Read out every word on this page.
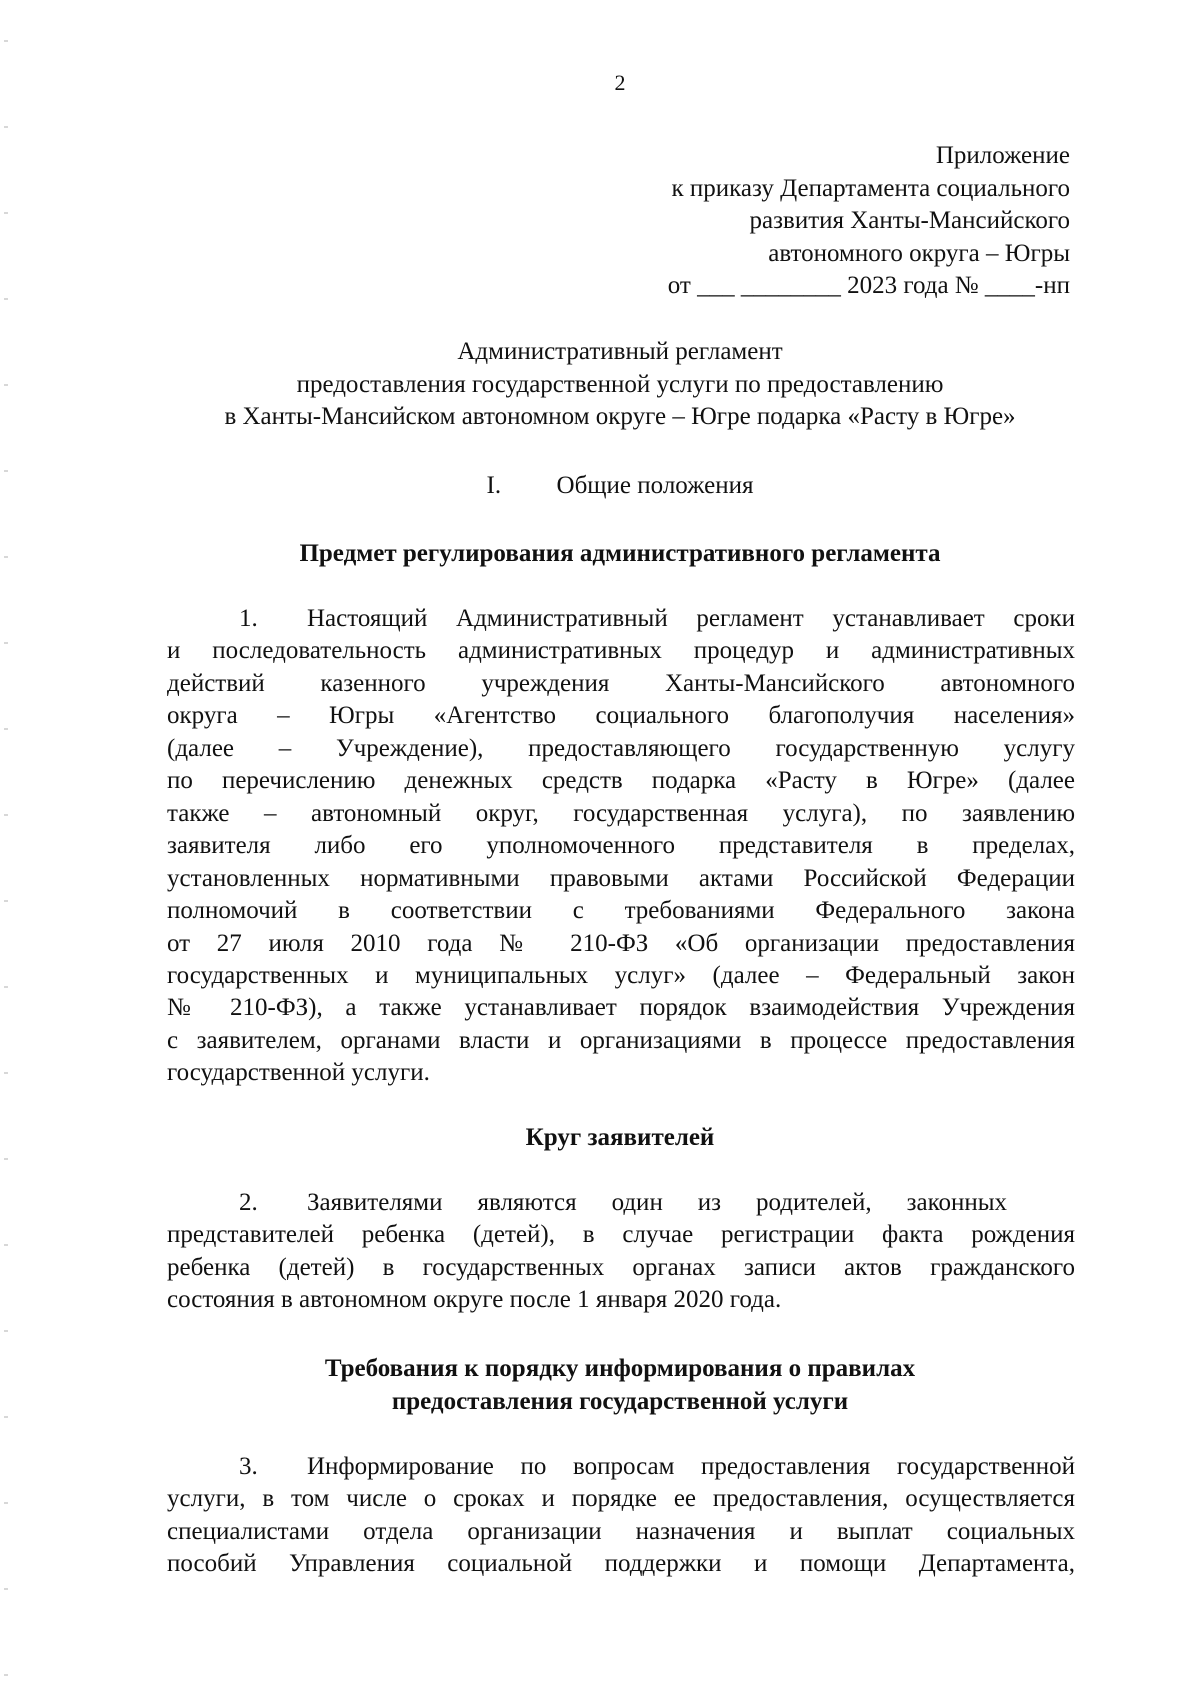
2
Приложение
к приказу Департамента социального
развития Ханты-Мансийского
автономного округа – Югры
от ___ ________ 2023 года № ____-нп
Административный регламент
предоставления государственной услуги по предоставлению
в Ханты-Мансийском автономном округе – Югре подарка «Расту в Югре»
I. Общие положения
Предмет регулирования административного регламента
1. Настоящий Административный регламент устанавливает сроки
и последовательность административных процедур и административных
действий казенного учреждения Ханты-Мансийского автономного
округа – Югры «Агентство социального благополучия населения»
(далее – Учреждение), предоставляющего государственную услугу
по перечислению денежных средств подарка «Расту в Югре» (далее
также – автономный округ, государственная услуга), по заявлению
заявителя либо его уполномоченного представителя в пределах,
установленных нормативными правовыми актами Российской Федерации
полномочий в соответствии с требованиями Федерального закона
от 27 июля 2010 года № 210-ФЗ «Об организации предоставления
государственных и муниципальных услуг» (далее – Федеральный закон
№ 210-ФЗ), а также устанавливает порядок взаимодействия Учреждения
с заявителем, органами власти и организациями в процессе предоставления
государственной услуги.
Круг заявителей
2. Заявителями являются один из родителей, законных
представителей ребенка (детей), в случае регистрации факта рождения
ребенка (детей) в государственных органах записи актов гражданского
состояния в автономном округе после 1 января 2020 года.
Требования к порядку информирования о правилах
предоставления государственной услуги
3. Информирование по вопросам предоставления государственной
услуги, в том числе о сроках и порядке ее предоставления, осуществляется
специалистами отдела организации назначения и выплат социальных
пособий Управления социальной поддержки и помощи Департамента,
